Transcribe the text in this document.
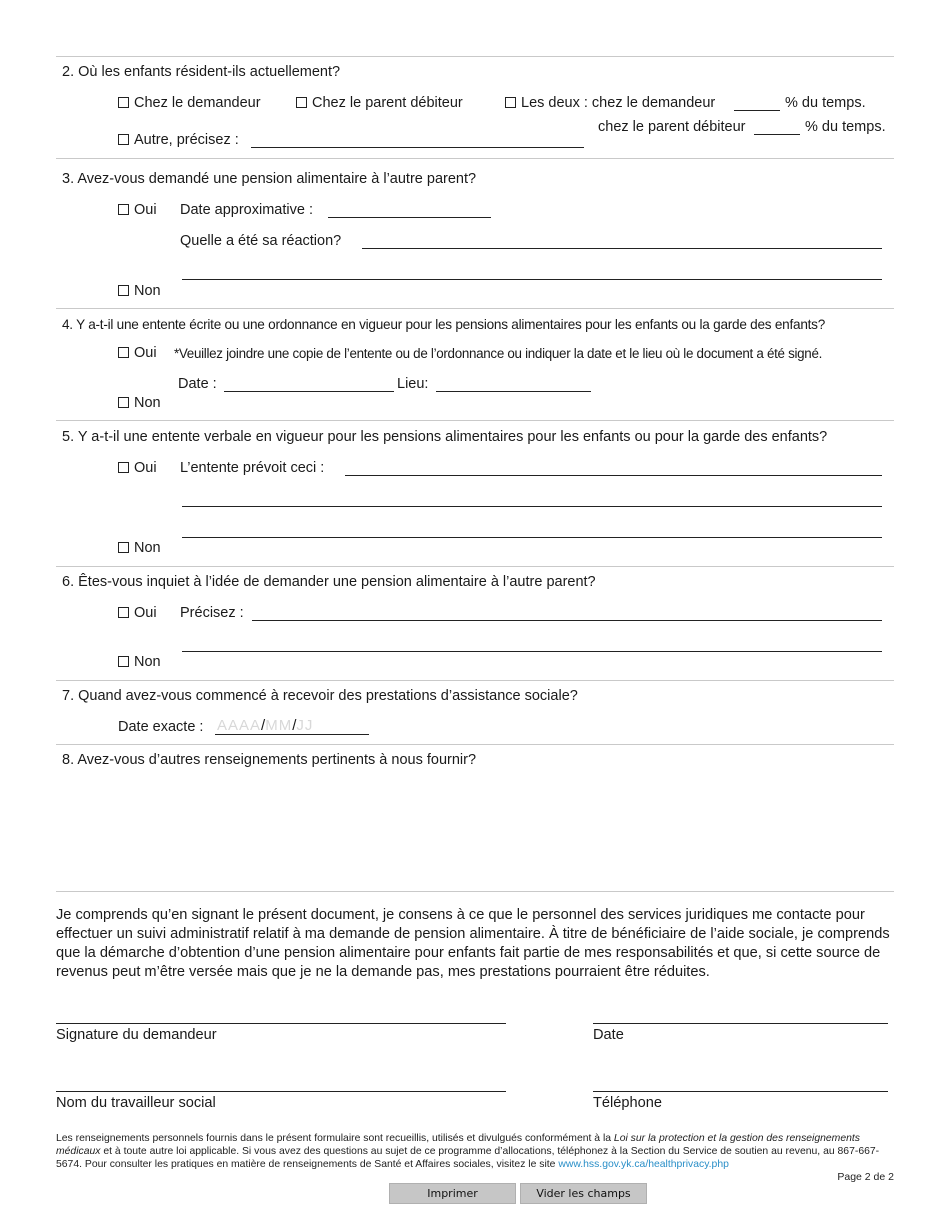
2. Où les enfants résident-ils actuellement?
Chez le demandeur	Chez le parent débiteur	Les deux : chez le demandeur	% du temps.
chez le parent débiteur	% du temps.
Autre, précisez :
3. Avez-vous demandé une pension alimentaire à l’autre parent?
Oui Date approximative :
Quelle a été sa réaction?
Non
4. Y a-t-il une entente écrite ou une ordonnance en vigueur pour les pensions alimentaires pour les enfants ou la garde des enfants?
Oui *Veuillez joindre une copie de l’entente ou de l’ordonnance ou indiquer la date et le lieu où le document a été signé.
Date :	Lieu:
Non
5. Y a-t-il une entente verbale en vigueur pour les pensions alimentaires pour les enfants ou pour la garde des enfants?
Oui L’entente prévoit ceci :
Non
6. Êtes-vous inquiet à l’idée de demander une pension alimentaire à l’autre parent?
Oui Précisez :
Non
7. Quand avez-vous commencé à recevoir des prestations d’assistance sociale?
Date exacte : AAAA/MM/JJ
8. Avez-vous d’autres renseignements pertinents à nous fournir?
Je comprends qu’en signant le présent document, je consens à ce que le personnel des services juridiques me contacte pour effectuer un suivi administratif relatif à ma demande de pension alimentaire. À titre de bénéficiaire de l’aide sociale, je comprends que la démarche d’obtention d’une pension alimentaire pour enfants fait partie de mes responsabilités et que, si cette source de revenus peut m’être versée mais que je ne la demande pas, mes prestations pourraient être réduites.
Signature du demandeur	Date
Nom du travailleur social	Téléphone
Les renseignements personnels fournis dans le présent formulaire sont recueillis, utilisés et divulgués conformément à la Loi sur la protection et la gestion des renseignements médicaux et à toute autre loi applicable. Si vous avez des questions au sujet de ce programme d’allocations, téléphonez à la Section du Service de soutien au revenu, au 867-667-5674. Pour consulter les pratiques en matière de renseignements de Santé et Affaires sociales, visitez le site www.hss.gov.yk.ca/healthprivacy.php
Page 2 de 2
Imprimer	Vider les champs
